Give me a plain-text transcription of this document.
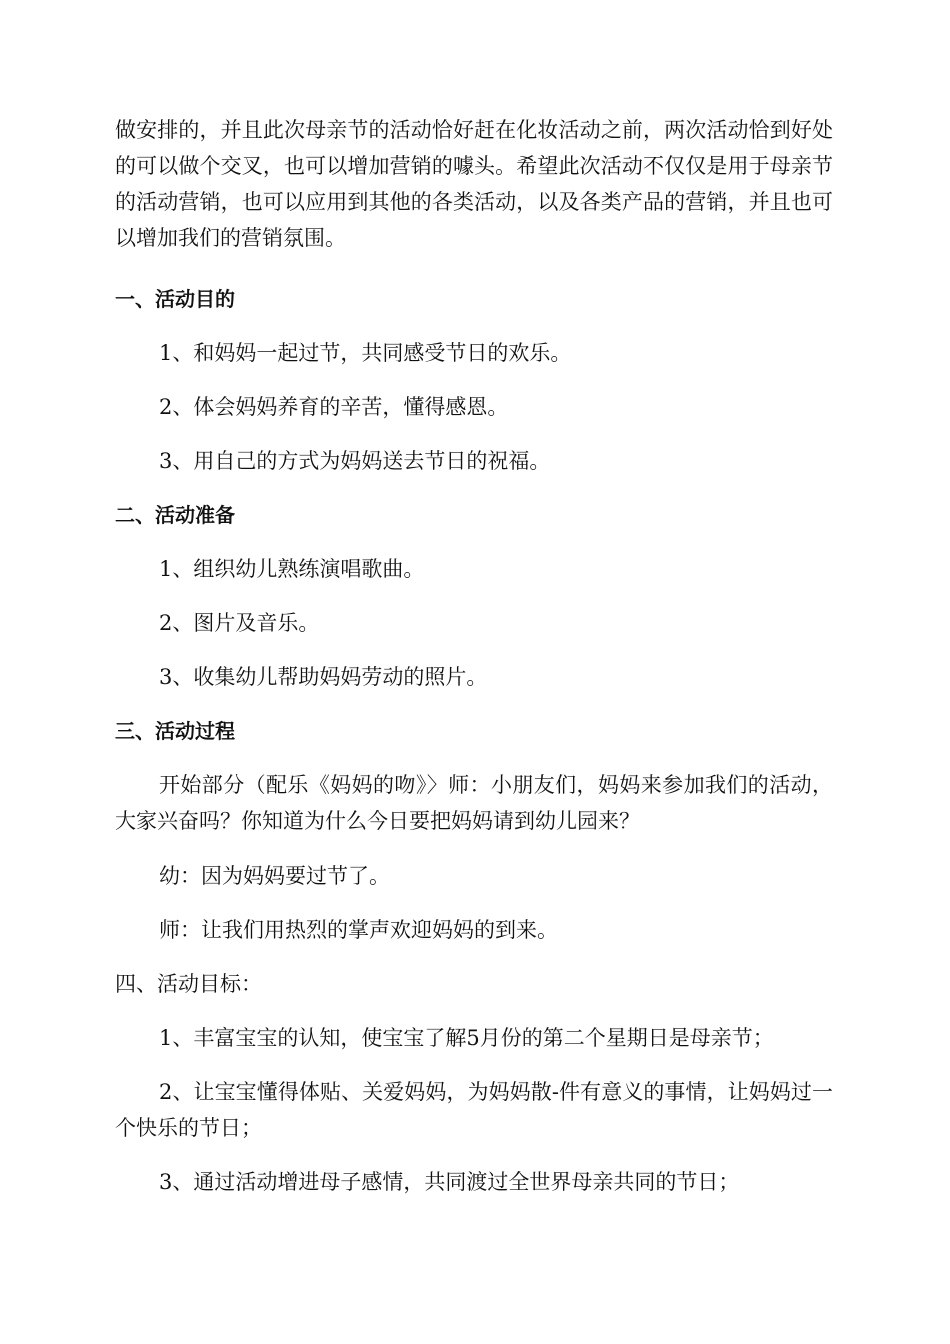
做安排的，并且此次母亲节的活动恰好赶在化妆活动之前，两次活动恰到好处的可以做个交叉，也可以增加营销的噱头。希望此次活动不仅仅是用于母亲节的活动营销，也可以应用到其他的各类活动，以及各类产品的营销，并且也可以增加我们的营销氛围。

一、活动目的

1、和妈妈一起过节，共同感受节日的欢乐。

2、体会妈妈养育的辛苦，懂得感恩。

3、用自己的方式为妈妈送去节日的祝福。

二、活动准备

1、组织幼儿熟练演唱歌曲。

2、图片及音乐。

3、收集幼儿帮助妈妈劳动的照片。

三、活动过程

开始部分（配乐《妈妈的吻》〉师：小朋友们，妈妈来参加我们的活动，大家兴奋吗？你知道为什么今日要把妈妈请到幼儿园来？

幼：因为妈妈要过节了。

师：让我们用热烈的掌声欢迎妈妈的到来。

四、活动目标：

1、丰富宝宝的认知，使宝宝了解5月份的第二个星期日是母亲节；

2、让宝宝懂得体贴、关爱妈妈，为妈妈散-件有意义的事情，让妈妈过一个快乐的节日；

3、通过活动增进母子感情，共同渡过全世界母亲共同的节日；
